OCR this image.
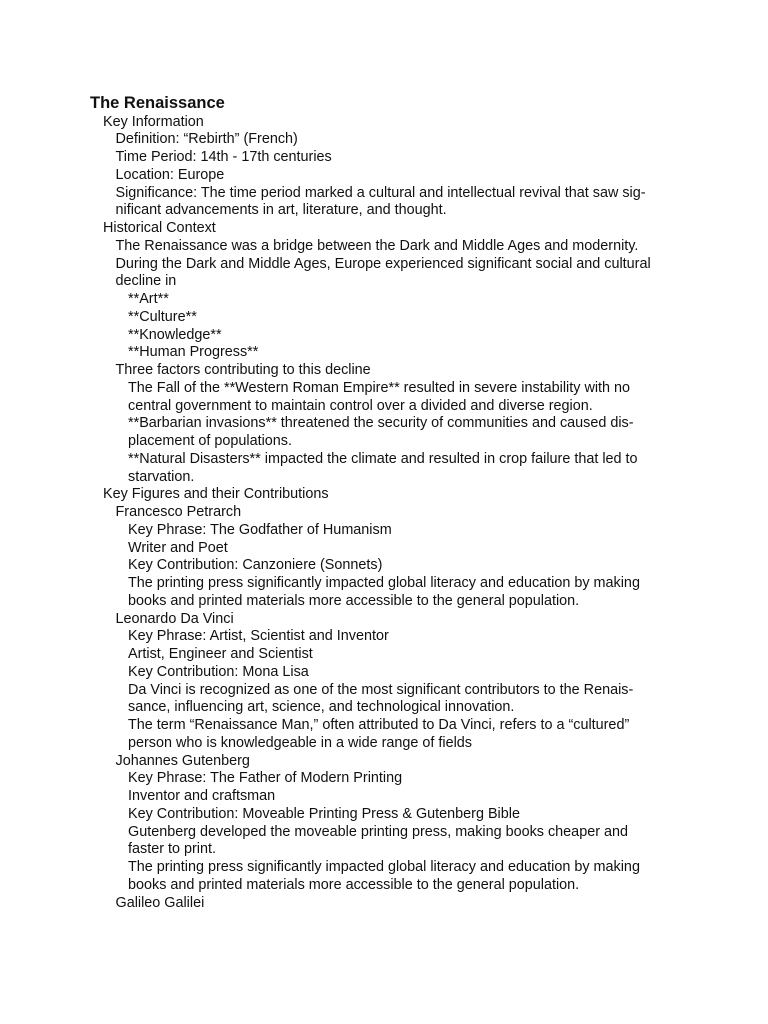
The Renaissance
Key Information
Definition: “Rebirth” (French)
Time Period: 14th - 17th centuries
Location: Europe
Significance: The time period marked a cultural and intellectual revival that saw sig-
nificant advancements in art, literature, and thought.
Historical Context
The Renaissance was a bridge between the Dark and Middle Ages and modernity.
During the Dark and Middle Ages, Europe experienced significant social and cultural
decline in
**Art**
**Culture**
**Knowledge**
**Human Progress**
Three factors contributing to this decline
The Fall of the **Western Roman Empire** resulted in severe instability with no
central government to maintain control over a divided and diverse region.
**Barbarian invasions** threatened the security of communities and caused dis-
placement of populations.
**Natural Disasters** impacted the climate and resulted in crop failure that led to
starvation.
Key Figures and their Contributions
Francesco Petrarch
Key Phrase: The Godfather of Humanism
Writer and Poet
Key Contribution: Canzoniere (Sonnets)
The printing press significantly impacted global literacy and education by making
books and printed materials more accessible to the general population.
Leonardo Da Vinci
Key Phrase: Artist, Scientist and Inventor
Artist, Engineer and Scientist
Key Contribution: Mona Lisa
Da Vinci is recognized as one of the most significant contributors to the Renais-
sance, influencing art, science, and technological innovation.
The term “Renaissance Man,” often attributed to Da Vinci, refers to a “cultured”
person who is knowledgeable in a wide range of fields
Johannes Gutenberg
Key Phrase: The Father of Modern Printing
Inventor and craftsman
Key Contribution: Moveable Printing Press & Gutenberg Bible
Gutenberg developed the moveable printing press, making books cheaper and
faster to print.
The printing press significantly impacted global literacy and education by making
books and printed materials more accessible to the general population.
Galileo Galilei
